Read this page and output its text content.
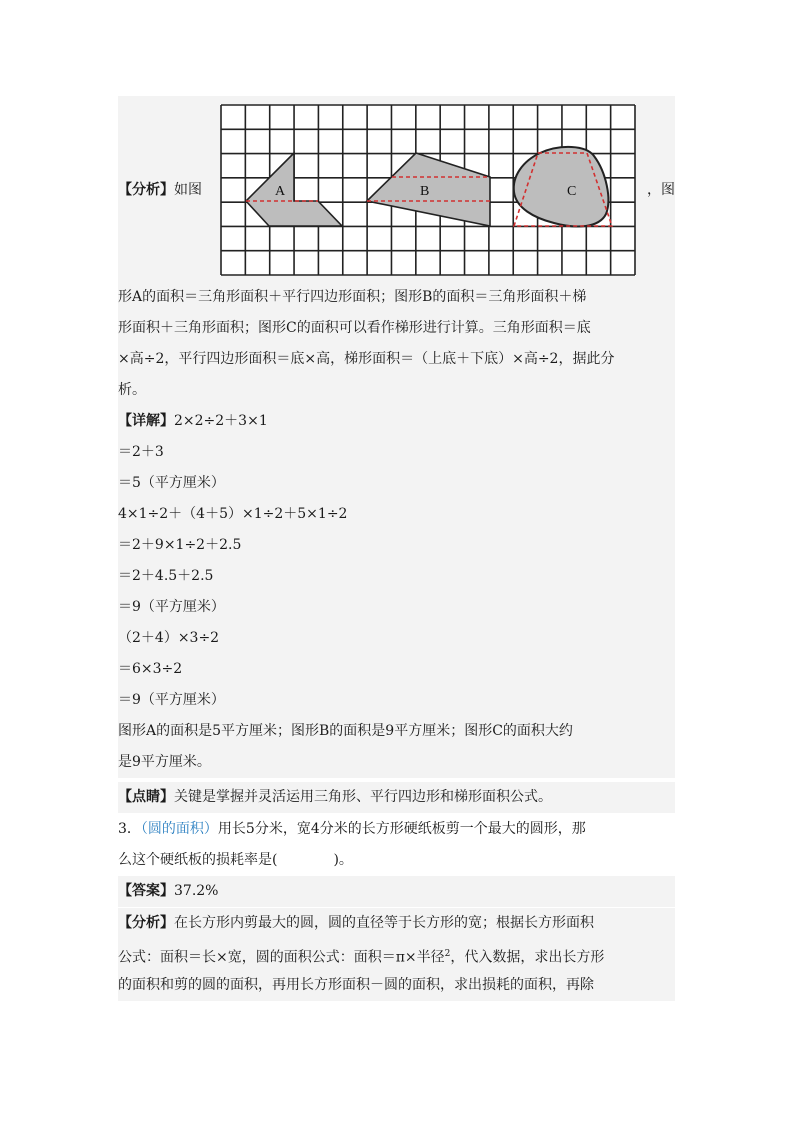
【分析】如图	，图
A	B	C
形A的面积＝三角形面积＋平行四边形面积；图形B的面积＝三角形面积＋梯
形面积＋三角形面积；图形C的面积可以看作梯形进行计算。三角形面积＝底
×高÷2，平行四边形面积＝底×高，梯形面积＝（上底＋下底）×高÷2，据此分
析。
【详解】2×2÷2＋3×1
＝2＋3
＝5（平方厘米）
4×1÷2＋（4＋5）×1÷2＋5×1÷2
＝2＋9×1÷2＋2.5
＝2＋4.5＋2.5
＝9（平方厘米）
（2＋4）×3÷2
＝6×3÷2
＝9（平方厘米）
图形A的面积是5平方厘米；图形B的面积是9平方厘米；图形C的面积大约
是9平方厘米。
【点睛】关键是掌握并灵活运用三角形、平行四边形和梯形面积公式。
3．（圆的面积）用长5分米，宽4分米的长方形硬纸板剪一个最大的圆形，那
么这个硬纸板的损耗率是(　　　　)。
【答案】37.2%
【分析】在长方形内剪最大的圆，圆的直径等于长方形的宽；根据长方形面积
公式：面积＝长×宽，圆的面积公式：面积＝π×半径$^2$，代入数据，求出长方形
的面积和剪的圆的面积，再用长方形面积－圆的面积，求出损耗的面积，再除
